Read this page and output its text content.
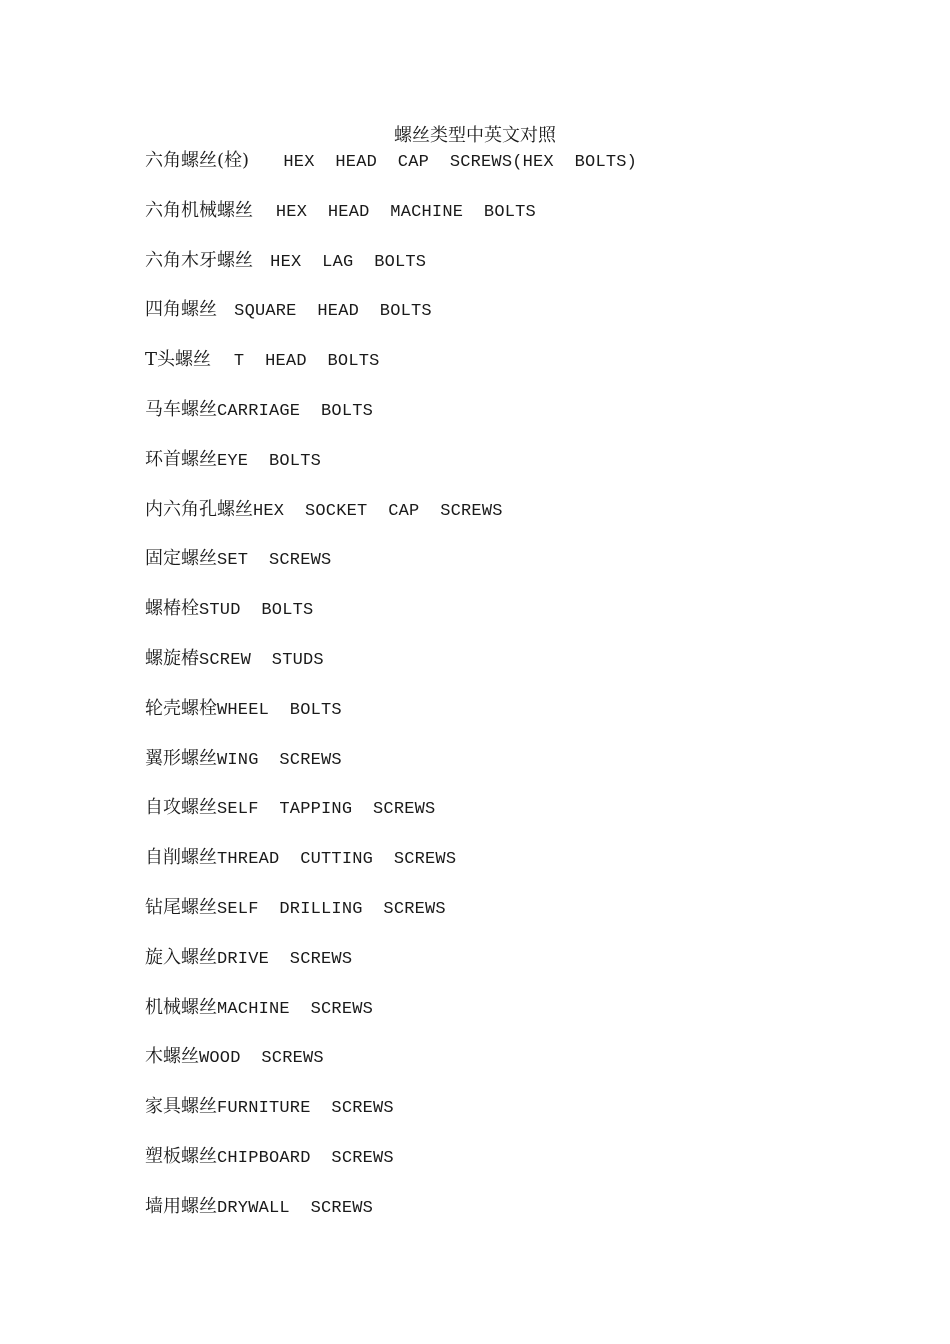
螺丝类型中英文对照
六角螺丝(栓) HEX  HEAD  CAP  SCREWS(HEX  BOLTS)
六角机械螺丝 HEX  HEAD  MACHINE  BOLTS
六角木牙螺丝 HEX  LAG  BOLTS
四角螺丝 SQUARE  HEAD  BOLTS
T头螺丝 T  HEAD  BOLTS
马车螺丝CARRIAGE  BOLTS
环首螺丝EYE  BOLTS
内六角孔螺丝HEX  SOCKET  CAP  SCREWS
固定螺丝SET  SCREWS
螺椿栓STUD  BOLTS
螺旋椿SCREW  STUDS
轮壳螺栓WHEEL  BOLTS
翼形螺丝WING  SCREWS
自攻螺丝SELF  TAPPING  SCREWS
自削螺丝THREAD  CUTTING  SCREWS
钻尾螺丝SELF  DRILLING  SCREWS
旋入螺丝DRIVE  SCREWS
机械螺丝MACHINE  SCREWS
木螺丝WOOD  SCREWS
家具螺丝FURNITURE  SCREWS
塑板螺丝CHIPBOARD  SCREWS
墙用螺丝DRYWALL  SCREWS
